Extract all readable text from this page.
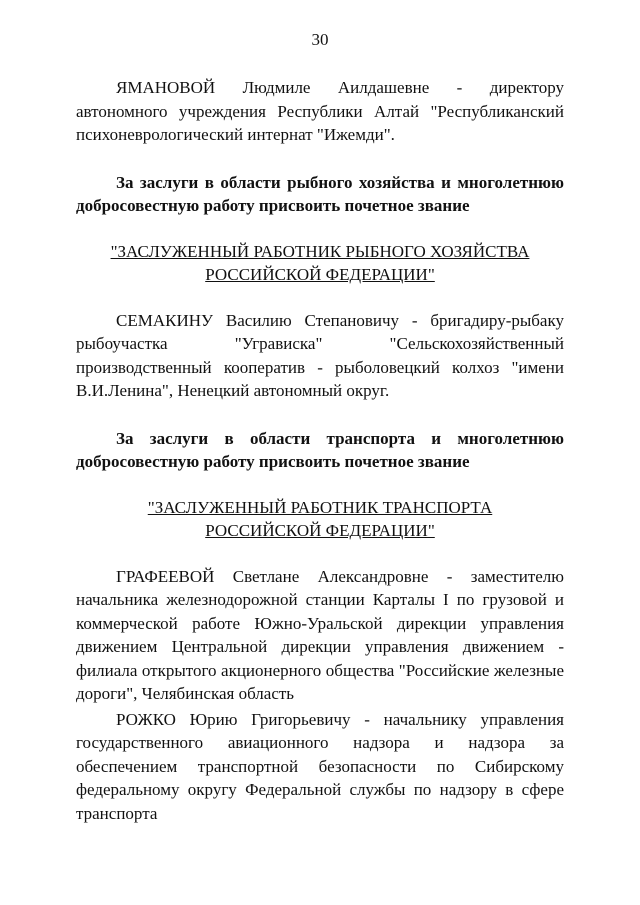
30

ЯМАНОВОЙ Людмиле Аилдашевне - директору автономного учреждения Республики Алтай "Республиканский психоневрологический интернат "Ижемди".

За заслуги в области рыбного хозяйства и многолетнюю добросовестную работу присвоить почетное звание

"ЗАСЛУЖЕННЫЙ РАБОТНИК РЫБНОГО ХОЗЯЙСТВА
РОССИЙСКОЙ ФЕДЕРАЦИИ"

СЕМАКИНУ Василию Степановичу - бригадиру-рыбаку рыбоучастка "Угрависка" "Сельскохозяйственный производственный кооператив - рыболовецкий колхоз "имени В.И.Ленина", Ненецкий автономный округ.

За заслуги в области транспорта и многолетнюю добросовестную работу присвоить почетное звание

"ЗАСЛУЖЕННЫЙ РАБОТНИК ТРАНСПОРТА
РОССИЙСКОЙ ФЕДЕРАЦИИ"

ГРАФЕЕВОЙ Светлане Александровне - заместителю начальника железнодорожной станции Карталы I по грузовой и коммерческой работе Южно-Уральской дирекции управления движением Центральной дирекции управления движением - филиала открытого акционерного общества "Российские железные дороги", Челябинская область

РОЖКО Юрию Григорьевичу - начальнику управления государственного авиационного надзора и надзора за обеспечением транспортной безопасности по Сибирскому федеральному округу Федеральной службы по надзору в сфере транспорта
